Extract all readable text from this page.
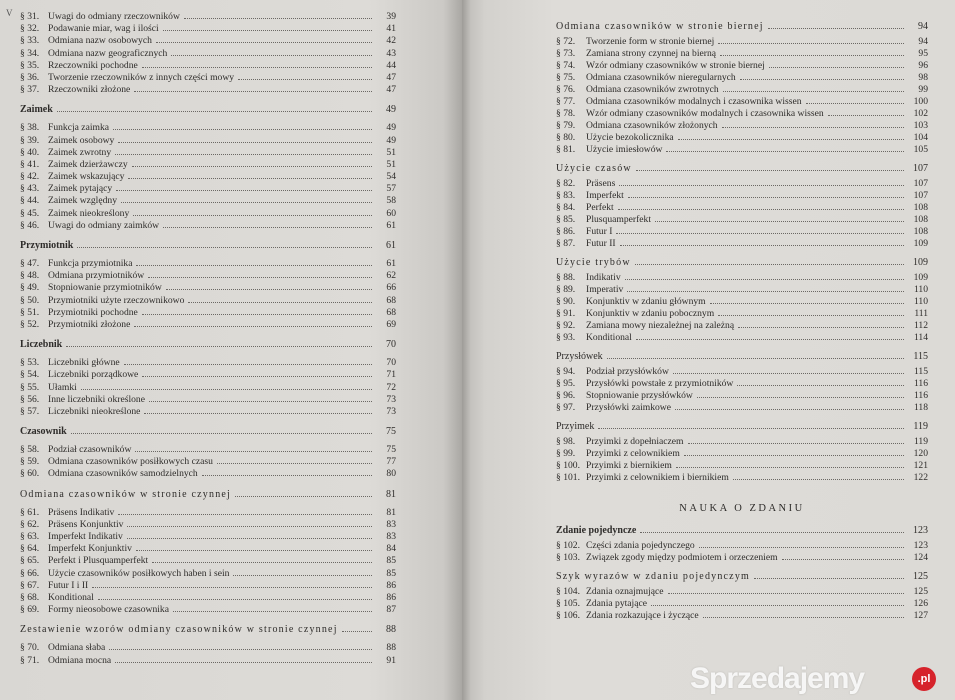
V § 31. Uwagi do odmiany rzeczowników	39
§ 32. Podawanie miar, wag i ilości	41
§ 33. Odmiana nazw osobowych	42
§ 34. Odmiana nazw geograficznych	43
§ 35. Rzeczowniki pochodne	44
§ 36. Tworzenie rzeczowników z innych części mowy	47
§ 37. Rzeczowniki złożone	47
Zaimek	49
§ 38. Funkcja zaimka	49
§ 39. Zaimek osobowy	49
§ 40. Zaimek zwrotny	51
§ 41. Zaimek dzierżawczy	51
§ 42. Zaimek wskazujący	54
§ 43. Zaimek pytający	57
§ 44. Zaimek względny	58
§ 45. Zaimek nieokreślony	60
§ 46. Uwagi do odmiany zaimków	61
Przymiotnik	61
§ 47. Funkcja przymiotnika	61
§ 48. Odmiana przymiotników	62
§ 49. Stopniowanie przymiotników	66
§ 50. Przymiotniki użyte rzeczownikowo	68
§ 51. Przymiotniki pochodne	68
§ 52. Przymiotniki złożone	69
Liczebnik	70
§ 53. Liczebniki główne	70
§ 54. Liczebniki porządkowe	71
§ 55. Ułamki	72
§ 56. Inne liczebniki określone	73
§ 57. Liczebniki nieokreślone	73
Czasownik	75
§ 58. Podział czasowników	75
§ 59. Odmiana czasowników posiłkowych czasu	77
§ 60. Odmiana czasowników samodzielnych	80
Odmiana czasowników w stronie czynnej	81
§ 61. Präsens Indikativ	81
§ 62. Präsens Konjunktiv	83
§ 63. Imperfekt Indikativ	83
§ 64. Imperfekt Konjunktiv	84
§ 65. Perfekt i Plusquamperfekt	85
§ 66. Użycie czasowników posiłkowych haben i sein	85
§ 67. Futur I i II	86
§ 68. Konditional	86
§ 69. Formy nieosobowe czasownika	87
Zestawienie wzorów odmiany czasowników w stronie czynnej	88
§ 70. Odmiana słaba	88
§ 71. Odmiana mocna	91
Odmiana czasowników w stronie biernej	94
§ 72.	Tworzenie form w stronie biernej	94
§ 73.	Zamiana strony czynnej na bierną	95
§ 74.	Wzór odmiany czasowników w stronie biernej	96
§ 75.	Odmiana czasowników nieregularnych	98
§ 76.	Odmiana czasowników zwrotnych	99
§ 77.	Odmiana czasowników modalnych i czasownika wissen	100
§ 78.	Wzór odmiany czasowników modalnych i czasownika wissen	102
§ 79.	Odmiana czasowników złożonych	103
§ 80.	Użycie bezokolicznika	104
§ 81.	Użycie imiesłowów	105
Użycie czasów	107
§ 82.	Präsens	107
§ 83.	Imperfekt	107
§ 84.	Perfekt	108
§ 85.	Plusquamperfekt	108
§ 86.	Futur I	108
§ 87.	Futur II	109
Użycie trybów	109
§ 88.	Indikativ	109
§ 89.	Imperativ	110
§ 90.	Konjunktiv w zdaniu głównym	110
§ 91.	Konjunktiv w zdaniu pobocznym	111
§ 92.	Zamiana mowy niezależnej na zależną	112
§ 93.	Konditional	114
Przysłówek	115
§ 94.	Podział przysłówków	115
§ 95.	Przysłówki powstałe z przymiotników	116
§ 96.	Stopniowanie przysłówków	116
§ 97.	Przysłówki zaimkowe	118
Przyimek	119
§ 98.	Przyimki z dopełniaczem	119
§ 99.	Przyimki z celownikiem	120
§ 100. Przyimki z biernikiem	121
§ 101. Przyimki z celownikiem i biernikiem	122
NAUKA O ZDANIU
Zdanie pojedyncze	123
§ 102. Części zdania pojedynczego	123
§ 103. Związek zgody między podmiotem i orzeczeniem	124
Szyk wyrazów w zdaniu pojedynczym	125
§ 104. Zdania oznajmujące	125
§ 105. Zdania pytające	126
§ 106. Zdania rozkazujące i życzące	127
Sprzedajemy	.pl
